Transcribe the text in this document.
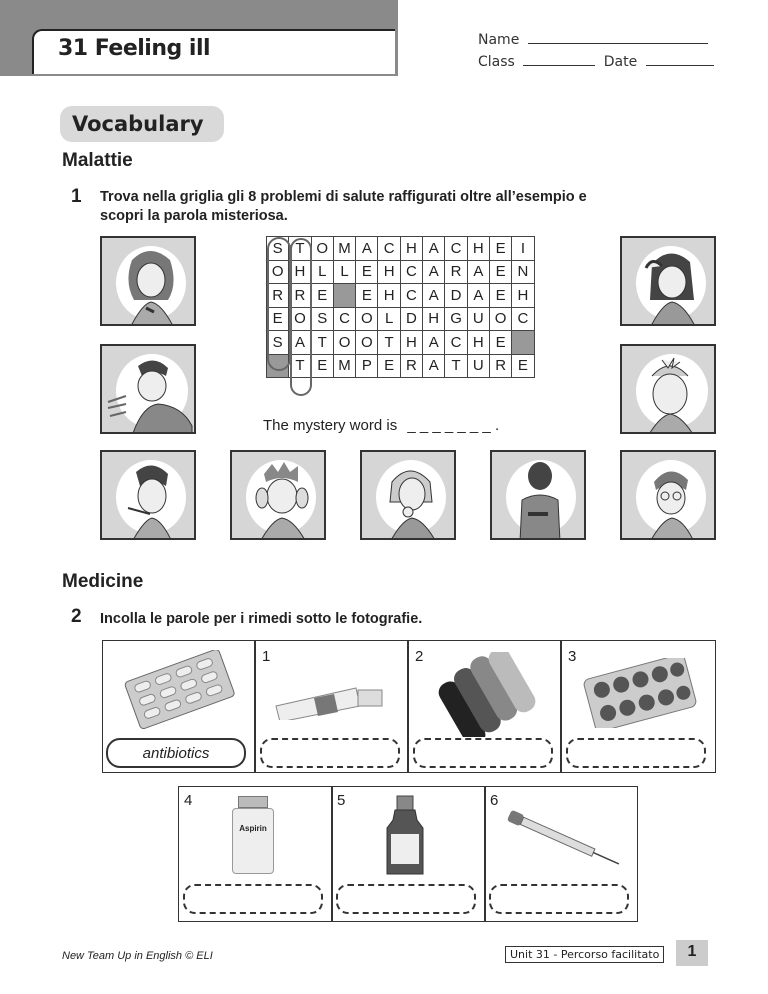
31 Feeling ill	Name
Class	Date
Vocabulary
Malattie
1 Trova nella griglia gli 8 problemi di salute raffigurati oltre all’esempio e
scopri la parola misteriosa.
S	T	O	M	A	C	H	A	C	H	E	I
O	H	L	L	E	H	C	A	R	A	E	N
R	R	E		E	H	C	A	D	A	E	H
E	O	S	C	O	L	D	H	G	U	O	C
S	A	T	O	O	T	H	A	C	H	E	
	T	E	M	P	E	R	A	T	U	R	E
The mystery word is _ _ _ _ _ _ _ .
Medicine
2 Incolla le parole per i rimedi sotto le fotografie.
1	2	3
antibiotics
4	5	6
Aspirin
New Team Up in English © ELI	Unit 31 - Percorso facilitato	1
